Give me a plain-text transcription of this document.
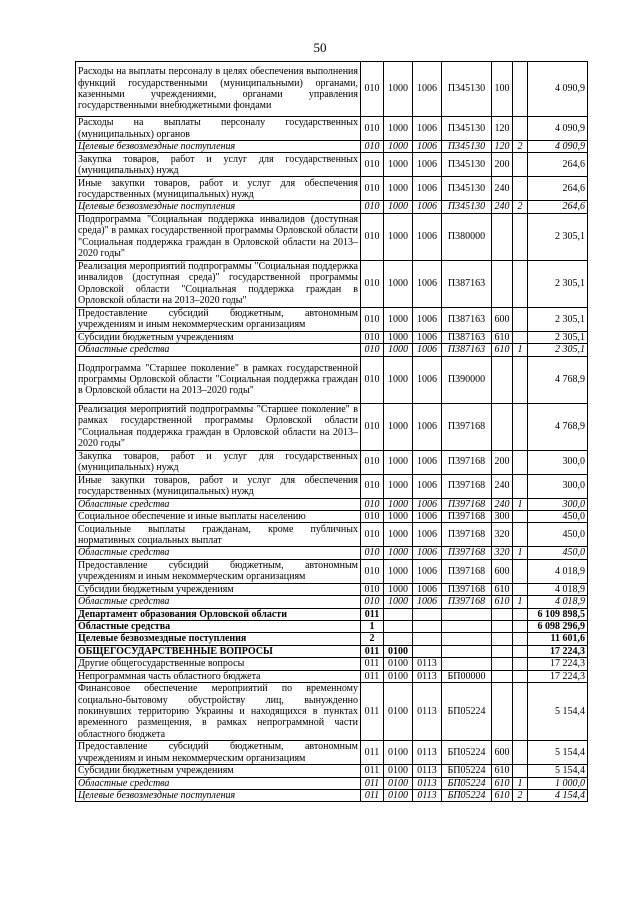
50
Расходы на выплаты персоналу в целях обеспечения выполнения функций государственными (муниципальными) органами, казенными учреждениями, органами управления государственными внебюджетными фондами	010	1000	1006	П345130	100		4 090,9
Расходы на выплаты персоналу государственных (муниципальных) органов	010	1000	1006	П345130	120		4 090,9
Целевые безвозмездные поступления	010	1000	1006	П345130	120	2	4 090,9
Закупка товаров, работ и услуг для государственных (муниципальных) нужд	010	1000	1006	П345130	200		264,6
Иные закупки товаров, работ и услуг для обеспечения государственных (муниципальных) нужд	010	1000	1006	П345130	240		264,6
Целевые безвозмездные поступления	010	1000	1006	П345130	240	2	264,6
Подпрограмма "Социальная поддержка инвалидов (доступная среда)" в рамках государственной программы Орловской области "Социальная поддержка граждан в Орловской области на 2013–2020 годы"	010	1000	1006	П380000			2 305,1
Реализация мероприятий подпрограммы "Социальная поддержка инвалидов (доступная среда)" государственной программы Орловской области "Социальная поддержка граждан в Орловской области на 2013–2020 годы"	010	1000	1006	П387163			2 305,1
Предоставление субсидий бюджетным, автономным учреждениям и иным некоммерческим организациям	010	1000	1006	П387163	600		2 305,1
Субсидии бюджетным учреждениям	010	1000	1006	П387163	610		2 305,1
Областные средства	010	1000	1006	П387163	610	1	2 305,1
Подпрограмма "Старшее поколение" в рамках государственной программы Орловской области "Социальная поддержка граждан в Орловской области на 2013–2020 годы"	010	1000	1006	П390000			4 768,9
Реализация мероприятий подпрограммы "Старшее поколение" в рамках государственной программы Орловской области "Социальная поддержка граждан в Орловской области на 2013–2020 годы"	010	1000	1006	П397168			4 768,9
Закупка товаров, работ и услуг для государственных (муниципальных) нужд	010	1000	1006	П397168	200		300,0
Иные закупки товаров, работ и услуг для обеспечения государственных (муниципальных) нужд	010	1000	1006	П397168	240		300,0
Областные средства	010	1000	1006	П397168	240	1	300,0
Социальное обеспечение и иные выплаты населению	010	1000	1006	П397168	300		450,0
Социальные выплаты гражданам, кроме публичных нормативных социальных выплат	010	1000	1006	П397168	320		450,0
Областные средства	010	1000	1006	П397168	320	1	450,0
Предоставление субсидий бюджетным, автономным учреждениям и иным некоммерческим организациям	010	1000	1006	П397168	600		4 018,9
Субсидии бюджетным учреждениям	010	1000	1006	П397168	610		4 018,9
Областные средства	010	1000	1006	П397168	610	1	4 018,9
Департамент образования Орловской области	011						6 109 898,5
Областные средства	1						6 098 296,9
Целевые безвозмездные поступления	2						11 601,6
ОБЩЕГОСУДАРСТВЕННЫЕ ВОПРОСЫ	011	0100					17 224,3
Другие общегосударственные вопросы	011	0100	0113				17 224,3
Непрограммная часть областного бюджета	011	0100	0113	БП00000			17 224,3
Финансовое обеспечение мероприятий по временному социально-бытовому обустройству лиц, вынужденно покинувших территорию Украины и находящихся в пунктах временного размещения, в рамках непрограммной части областного бюджета	011	0100	0113	БП05224			5 154,4
Предоставление субсидий бюджетным, автономным учреждениям и иным некоммерческим организациям	011	0100	0113	БП05224	600		5 154,4
Субсидии бюджетным учреждениям	011	0100	0113	БП05224	610		5 154,4
Областные средства	011	0100	0113	БП05224	610	1	1 000,0
Целевые безвозмездные поступления	011	0100	0113	БП05224	610	2	4 154,4
